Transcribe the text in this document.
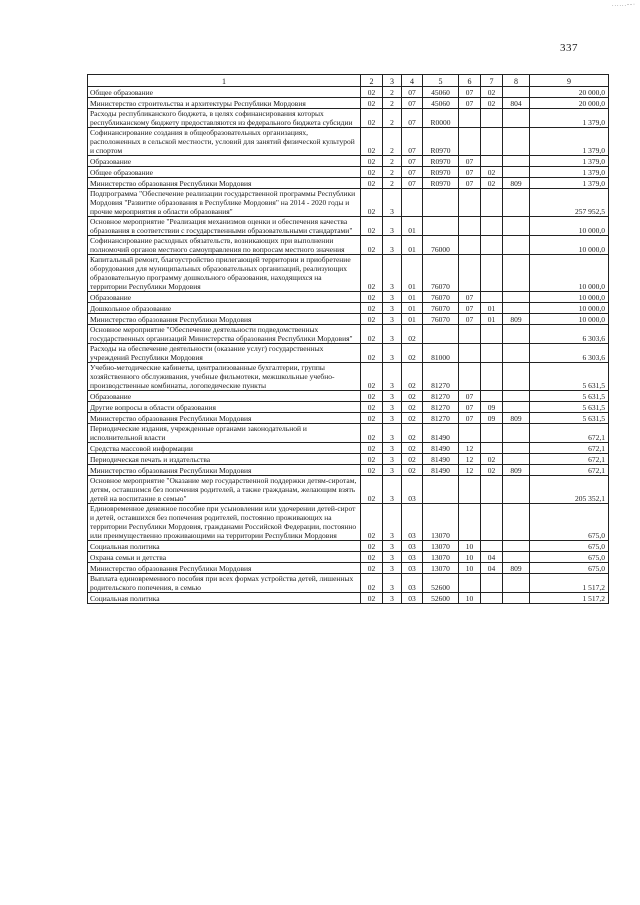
......--·
337
1	2	3	4	5	6	7	8	9
Общее образование	02	2	07	45060	07	02		20 000,0
Министерство строительства и архитектуры Республики Мордовия	02	2	07	45060	07	02	804	20 000,0
Расходы республиканского бюджета, в целях софинансирования которых республиканскому бюджету предоставляются из федерального бюджета субсидии	02	2	07	R0000				1 379,0
Софинансирование создания в общеобразовательных организациях, расположенных в сельской местности, условий для занятий физической культурой и спортом	02	2	07	R0970				1 379,0
Образование	02	2	07	R0970	07			1 379,0
Общее образование	02	2	07	R0970	07	02		1 379,0
Министерство образования Республики Мордовия	02	2	07	R0970	07	02	809	1 379,0
Подпрограмма "Обеспечение реализации государственной программы Республики Мордовия "Развитие образования в Республике Мордовия" на 2014 - 2020 годы и прочие мероприятия в области образования"	02	3						257 952,5
Основное мероприятие "Реализация механизмов оценки и обеспечения качества образования в соответствии с государственными образовательными стандартами"	02	3	01					10 000,0
Софинансирование расходных обязательств, возникающих при выполнении полномочий органов местного самоуправления по вопросам местного значения	02	3	01	76000				10 000,0
Капитальный ремонт, благоустройство прилегающей территории и приобретение оборудования для муниципальных образовательных организаций, реализующих образовательную программу дошкольного образования, находящихся на территории Республики Мордовия	02	3	01	76070				10 000,0
Образование	02	3	01	76070	07			10 000,0
Дошкольное образование	02	3	01	76070	07	01		10 000,0
Министерство образования Республики Мордовия	02	3	01	76070	07	01	809	10 000,0
Основное мероприятие "Обеспечение деятельности подведомственных государственных организаций Министерства образования Республики Мордовия"	02	3	02					6 303,6
Расходы на обеспечение деятельности (оказание услуг) государственных учреждений Республики Мордовия	02	3	02	81000				6 303,6
Учебно-методические кабинеты, централизованные бухгалтерии, группы хозяйственного обслуживания, учебные фильмотеки, межшкольные учебно-производственные комбинаты, логопедические пункты	02	3	02	81270				5 631,5
Образование	02	3	02	81270	07			5 631,5
Другие вопросы в области образования	02	3	02	81270	07	09		5 631,5
Министерство образования Республики Мордовия	02	3	02	81270	07	09	809	5 631,5
Периодические издания, учрежденные органами законодательной и исполнительной власти	02	3	02	81490				672,1
Средства массовой информации	02	3	02	81490	12			672,1
Периодическая печать и издательства	02	3	02	81490	12	02		672,1
Министерство образования Республики Мордовия	02	3	02	81490	12	02	809	672,1
Основное мероприятие "Оказание мер государственной поддержки детям-сиротам, детям, оставшимся без попечения родителей, а также гражданам, желающим взять детей на воспитание в семью"	02	3	03					205 352,1
Единовременное денежное пособие при усыновлении или удочерении детей-сирот и детей, оставшихся без попечения родителей, постоянно проживающих на территории Республики Мордовия, гражданами Российской Федерации, постоянно или преимущественно проживающими на территории Республики Мордовия	02	3	03	13070				675,0
Социальная политика	02	3	03	13070	10			675,0
Охрана семьи и детства	02	3	03	13070	10	04		675,0
Министерство образования Республики Мордовия	02	3	03	13070	10	04	809	675,0
Выплата единовременного пособия при всех формах устройства детей, лишенных родительского попечения, в семью	02	3	03	52600				1 517,2
Социальная политика	02	3	03	52600	10			1 517,2
